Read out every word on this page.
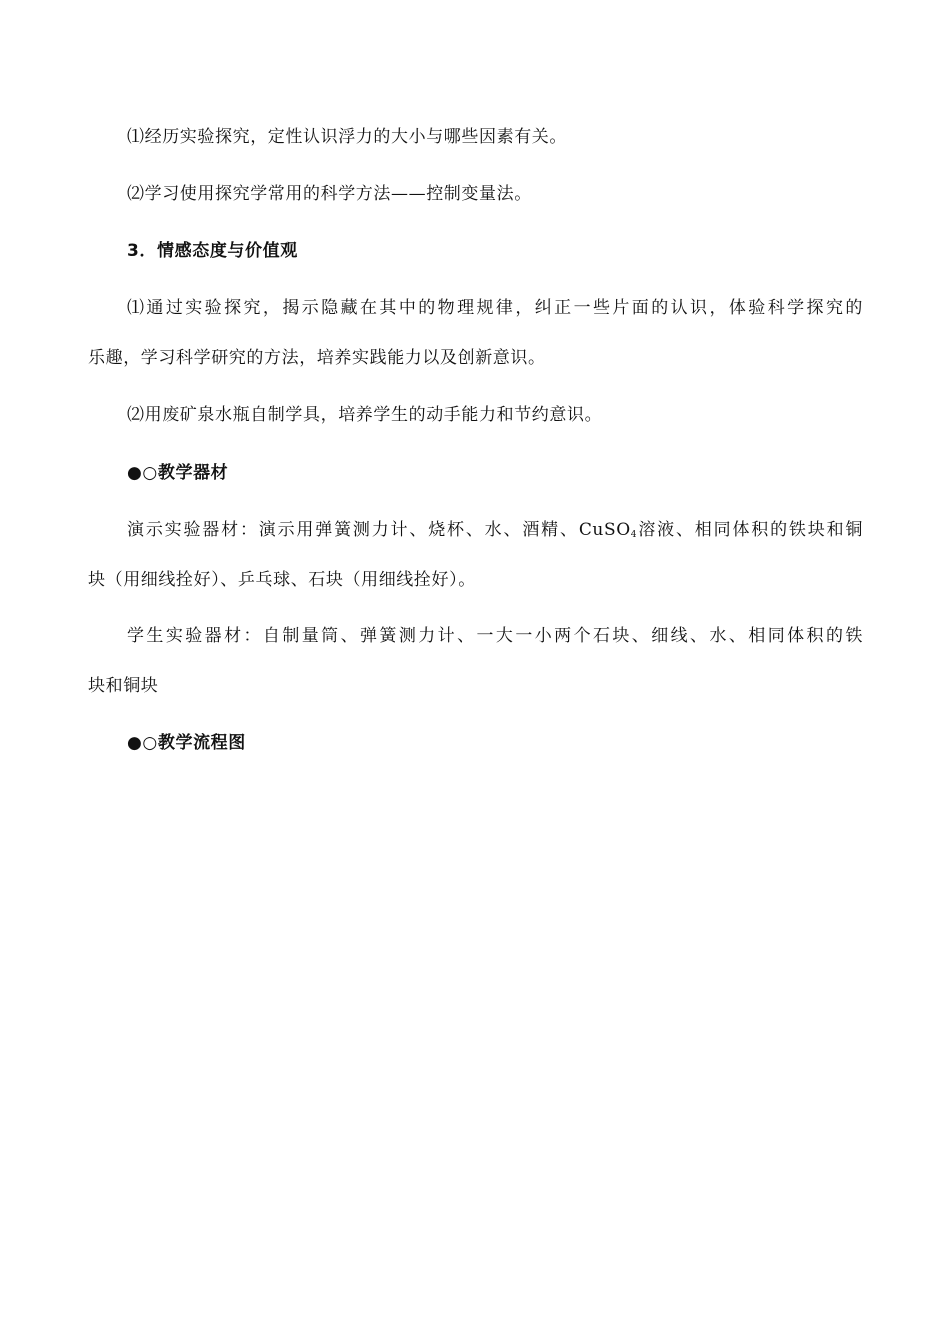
⑴经历实验探究，定性认识浮力的大小与哪些因素有关。
⑵学习使用探究学常用的科学方法——控制变量法。
3．情感态度与价值观
⑴通过实验探究，揭示隐藏在其中的物理规律，纠正一些片面的认识，体验科学探究的
乐趣，学习科学研究的方法，培养实践能力以及创新意识。
⑵用废矿泉水瓶自制学具，培养学生的动手能力和节约意识。
●○教学器材
演示实验器材：演示用弹簧测力计、烧杯、水、酒精、CuSO$_4$溶液、相同体积的铁块和铜
块（用细线拴好）、乒乓球、石块（用细线拴好）。
学生实验器材：自制量筒、弹簧测力计、一大一小两个石块、细线、水、相同体积的铁
块和铜块
●○教学流程图
